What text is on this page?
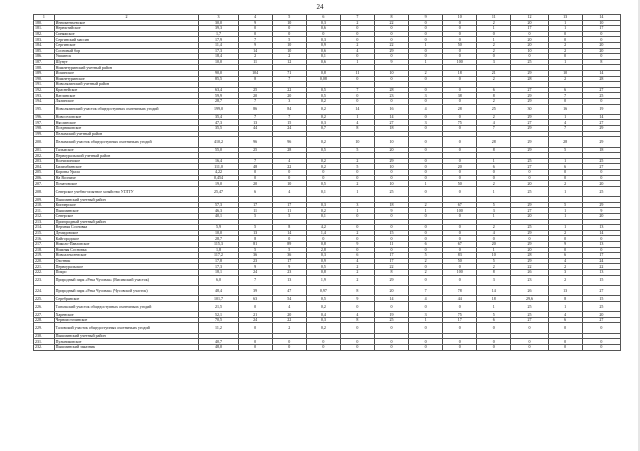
24
1	2	3	4	5	6	7	8	9	10	11	12	13	14
180.	Иннокентьевское	30,0	9	10	0,3	2	22	0	0	2	20	1	10
181.	Нерюктийское	39,3	0	0	0,6	0	0	0	0	1	17	1	17
182.	Синяжское	1,7	0	0	0	0	0	0	0	0	0	0	0
183.	Сергинский массив	17,9	7	5	0,3	0	0	0	0	1	20	0	0
184.	Сергинское	11,4	9	10	0,9	2	22	1	50	2	20	2	20
185.	Сосновый бор	17,3	14	10	0,6	4	29	0	0	2	10	2	20
186.	Ушкинск	18,4	2	2	0,1	0	0	0	0	0	0	0	0
187.	Шунут	10,0	11	12	0,6	1	9	1	100	3	25	1	8
188.	Нижнетуринский учетный район												
189.	Искинское	90,0	104	71	0,8	11	10	2	18	21	29	10	14
190.	Нижнетуринское	85,5	8	7	0,08	0	0	0	0	2	28	2	28
191.	Новолялинский учетный район												
192.	Краснейское	63,4	25	22	0,5	7	28	0	0	6	27	6	27
193.	Ватлинское	59,9	20	20	0,5	0	23	3	38	8	29	7	25
194.	Лялинское	28,7	7	3	0,2	0	0	0	0	2	29	0	0
195.	Новолялинский участок общедоступных охотничьих угодий	199,0	86	84	0,2	14	16	4	28	25	30	16	19
196.	Новоселовское	35,4	7	7	0,2	1	14	0	0	2	29	1	14
197.	Няслинское	47,3	13	15	0,3	4	27	3	75	4	27	4	27
198.	Поздниковское	35,5	44	24	0,7	8	18	0	0	7	29	7	29
199.	Пелымский учетный район												
200.	Пелымский участок общедоступных охотничьих угодий	410,2	96	96	0,2	10	10	0	0	28	29	28	29
201.	Тальмское	55,0	25	28	0,5	5	20	0	0	8	29	5	18
202.	Первоуральский учетный район												
203.	Волчихинское	16,4	7	4	0,2	2	29	0	0	1	25	1	25
204.	Билимбаевское	111,0	48	22	0,2	5	10	0	20	6	27	6	27
205.	Коровы Урала	4,22	0	0	0	0	0	0	0	0	0	0	0
206.	На Волчихе	0,454	0	0	0	0	0	0	0	0	0	0	0
207.	Початовское	19,0	20	10	0,5	2	10	1	50	2	20	2	20
208.	Северское учебно-опытное хозяйство УГЛТУ	25,47	6	4	0,1	1	25	0	0	1	25	1	25
209.	Пышминский учетный район												
210.	Кипчерское	57,3	17	17	0,3	3	18	2	67	5	29	5	29
211.	Пышминское	46,3	11	11	0,2	1	9	1	100	3	27	1	9
212.	Северское	40,1	5	5	0,1	0	0	0	0	1	20	1	20
213.	Пригородный учетный район												
214.	Верхняя Сосновка	5,9	5	8	4,2	0	0	0	0	2	25	1	13
215.	Демидовское	10,0	13	14	1,4	2	15	0	0	4	29	2	14
216.	Кайгородское	28,7	8	0	0	0	0	0	0	0	0	0	0
217.	Николо-Павловское	115,3	81	89	0,8	9	11	6	67	20	29	9	13
218.	Нижняя Сосновка	1,8	5	5	2,8	0	0	0	0	1	20	0	0
219.	Новоалексеевское	117,2	36	36	0,3	6	17	5	83	10	28	6	17
220.	Охотник	17,8	23	17	0,9	4	17	2	50	5	29	4	24
221.	Первоуральское	17,3	9	9	0,5	2	22	0	0	2	22	2	22
222.	Покро	18,1	24	23	0,8	2	8	2	100	8	26	3	13
223.	Природный парк «Река Чусовая» (Висимский участок)	6,0	7	13	1,9	2	29	0	0	3	23	2	15
224.	Природный парк «Река Чусовая» (Чусовской участок)	48,4	39	47	0,97	8	20	7	78	14	26	13	27
225.	Серебрянское	101,7	63	54	0,5	9	14	4	44	18	29,6	8	15
226.	Тагильский участок общедоступных охотничьих угодий	21,5	0	4	0,2	0	0	0	0	1	25	1	25
227.	Харенское	52,1	21	20	0,4	4	19	3	75	5	25	4	20
228.	Черноисточинское	70,5	24	22	0,3	8	25	1	17	6	27	6	27
229.	Таловский участок общедоступных охотничьих угодий	11,2	0	2	0,2	0	0	0	0	0	0	0	0
230.	Пышминский учетный район												
231.	Пульниковское	40,7	0	0	0	0	0	0	0	0	0	0	0
232.	Пышминский заказник	48,0	0	0	0	0	0	0	0	0	0	0	0
